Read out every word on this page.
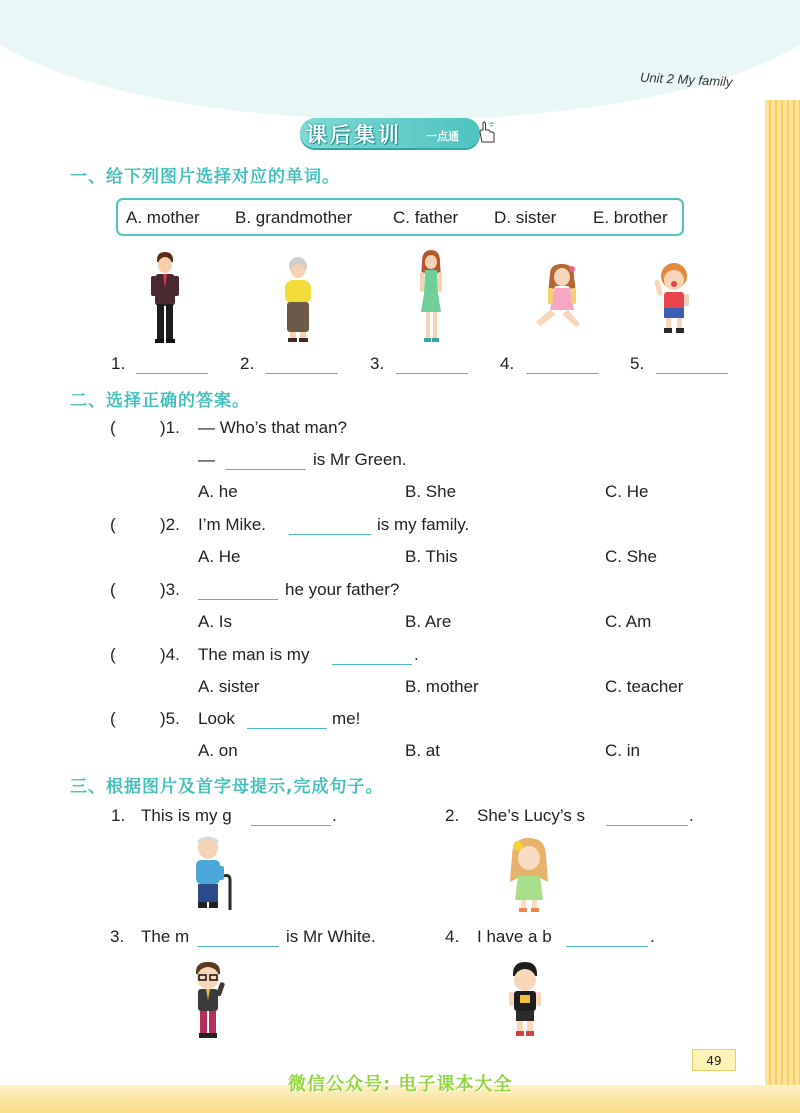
Unit 2 My family
课后集训 一点通
一、给下列图片选择对应的单词。
A. mother B. grandmother C. father D. sister E. brother
1.	2.	3.	4.	5.
二、选择正确的答案。
(	)1. — Who’s that man?
—	is Mr Green.
A. he	B. She	C. He
(	)2. I’m Mike.	is my family.
A. He	B. This	C. She
(	)3.	he your father?
A. Is	B. Are	C. Am
(	)4. The man is my	.
A. sister	B. mother	C. teacher
(	)5. Look	me!
A. on	B. at	C. in
三、根据图片及首字母提示,完成句子。
1. This is my g	.	2. She’s Lucy’s s	.
3. The m	is Mr White.	4. I have a b	.
49
微信公众号: 电子课本大全
